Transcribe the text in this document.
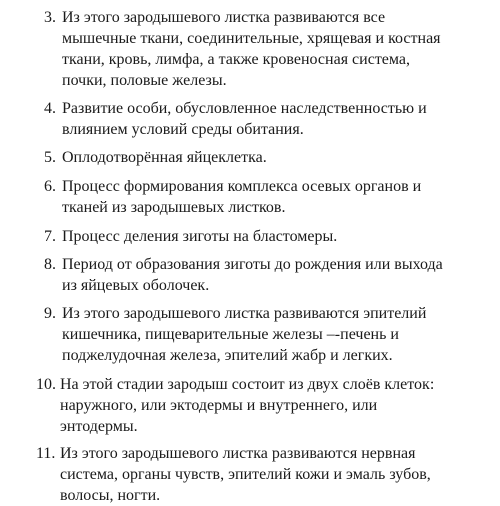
3. Из этого зародышевого листка развиваются все
мышечные ткани, соединительные, хрящевая и костная
ткани, кровь, лимфа, а также кровеносная система,
почки, половые железы.

4. Развитие особи, обусловленное наследственностью и
влиянием условий среды обитания.

5. Оплодотворённая яйцеклетка.

6. Процесс формирования комплекса осевых органов и
тканей из зародышевых листков.

7. Процесс деления зиготы на бластомеры.

8. Период от образования зиготы до рождения или выхода
из яйцевых оболочек.

9. Из этого зародышевого листка развиваются эпителий
кишечника, пищеварительные железы –-печень и
поджелудочная железа, эпителий жабр и легких.

10. На этой стадии зародыш состоит из двух слоёв клеток:
наружного, или эктодермы и внутреннего, или
энтодермы.

11. Из этого зародышевого листка развиваются нервная
система, органы чувств, эпителий кожи и эмаль зубов,
волосы, ногти.
